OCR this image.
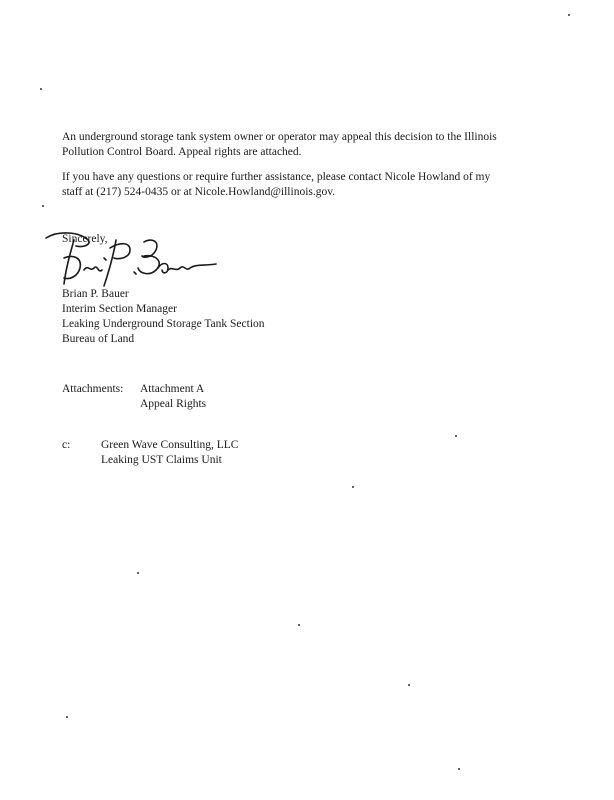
An underground storage tank system owner or operator may appeal this decision to the Illinois
Pollution Control Board. Appeal rights are attached.
If you have any questions or require further assistance, please contact Nicole Howland of my
staff at (217) 524-0435 or at Nicole.Howland@illinois.gov.
Sincerely,
Brian P. Bauer
Interim Section Manager
Leaking Underground Storage Tank Section
Bureau of Land
Attachments: Attachment A
Appeal Rights
c:	Green Wave Consulting, LLC
Leaking UST Claims Unit
